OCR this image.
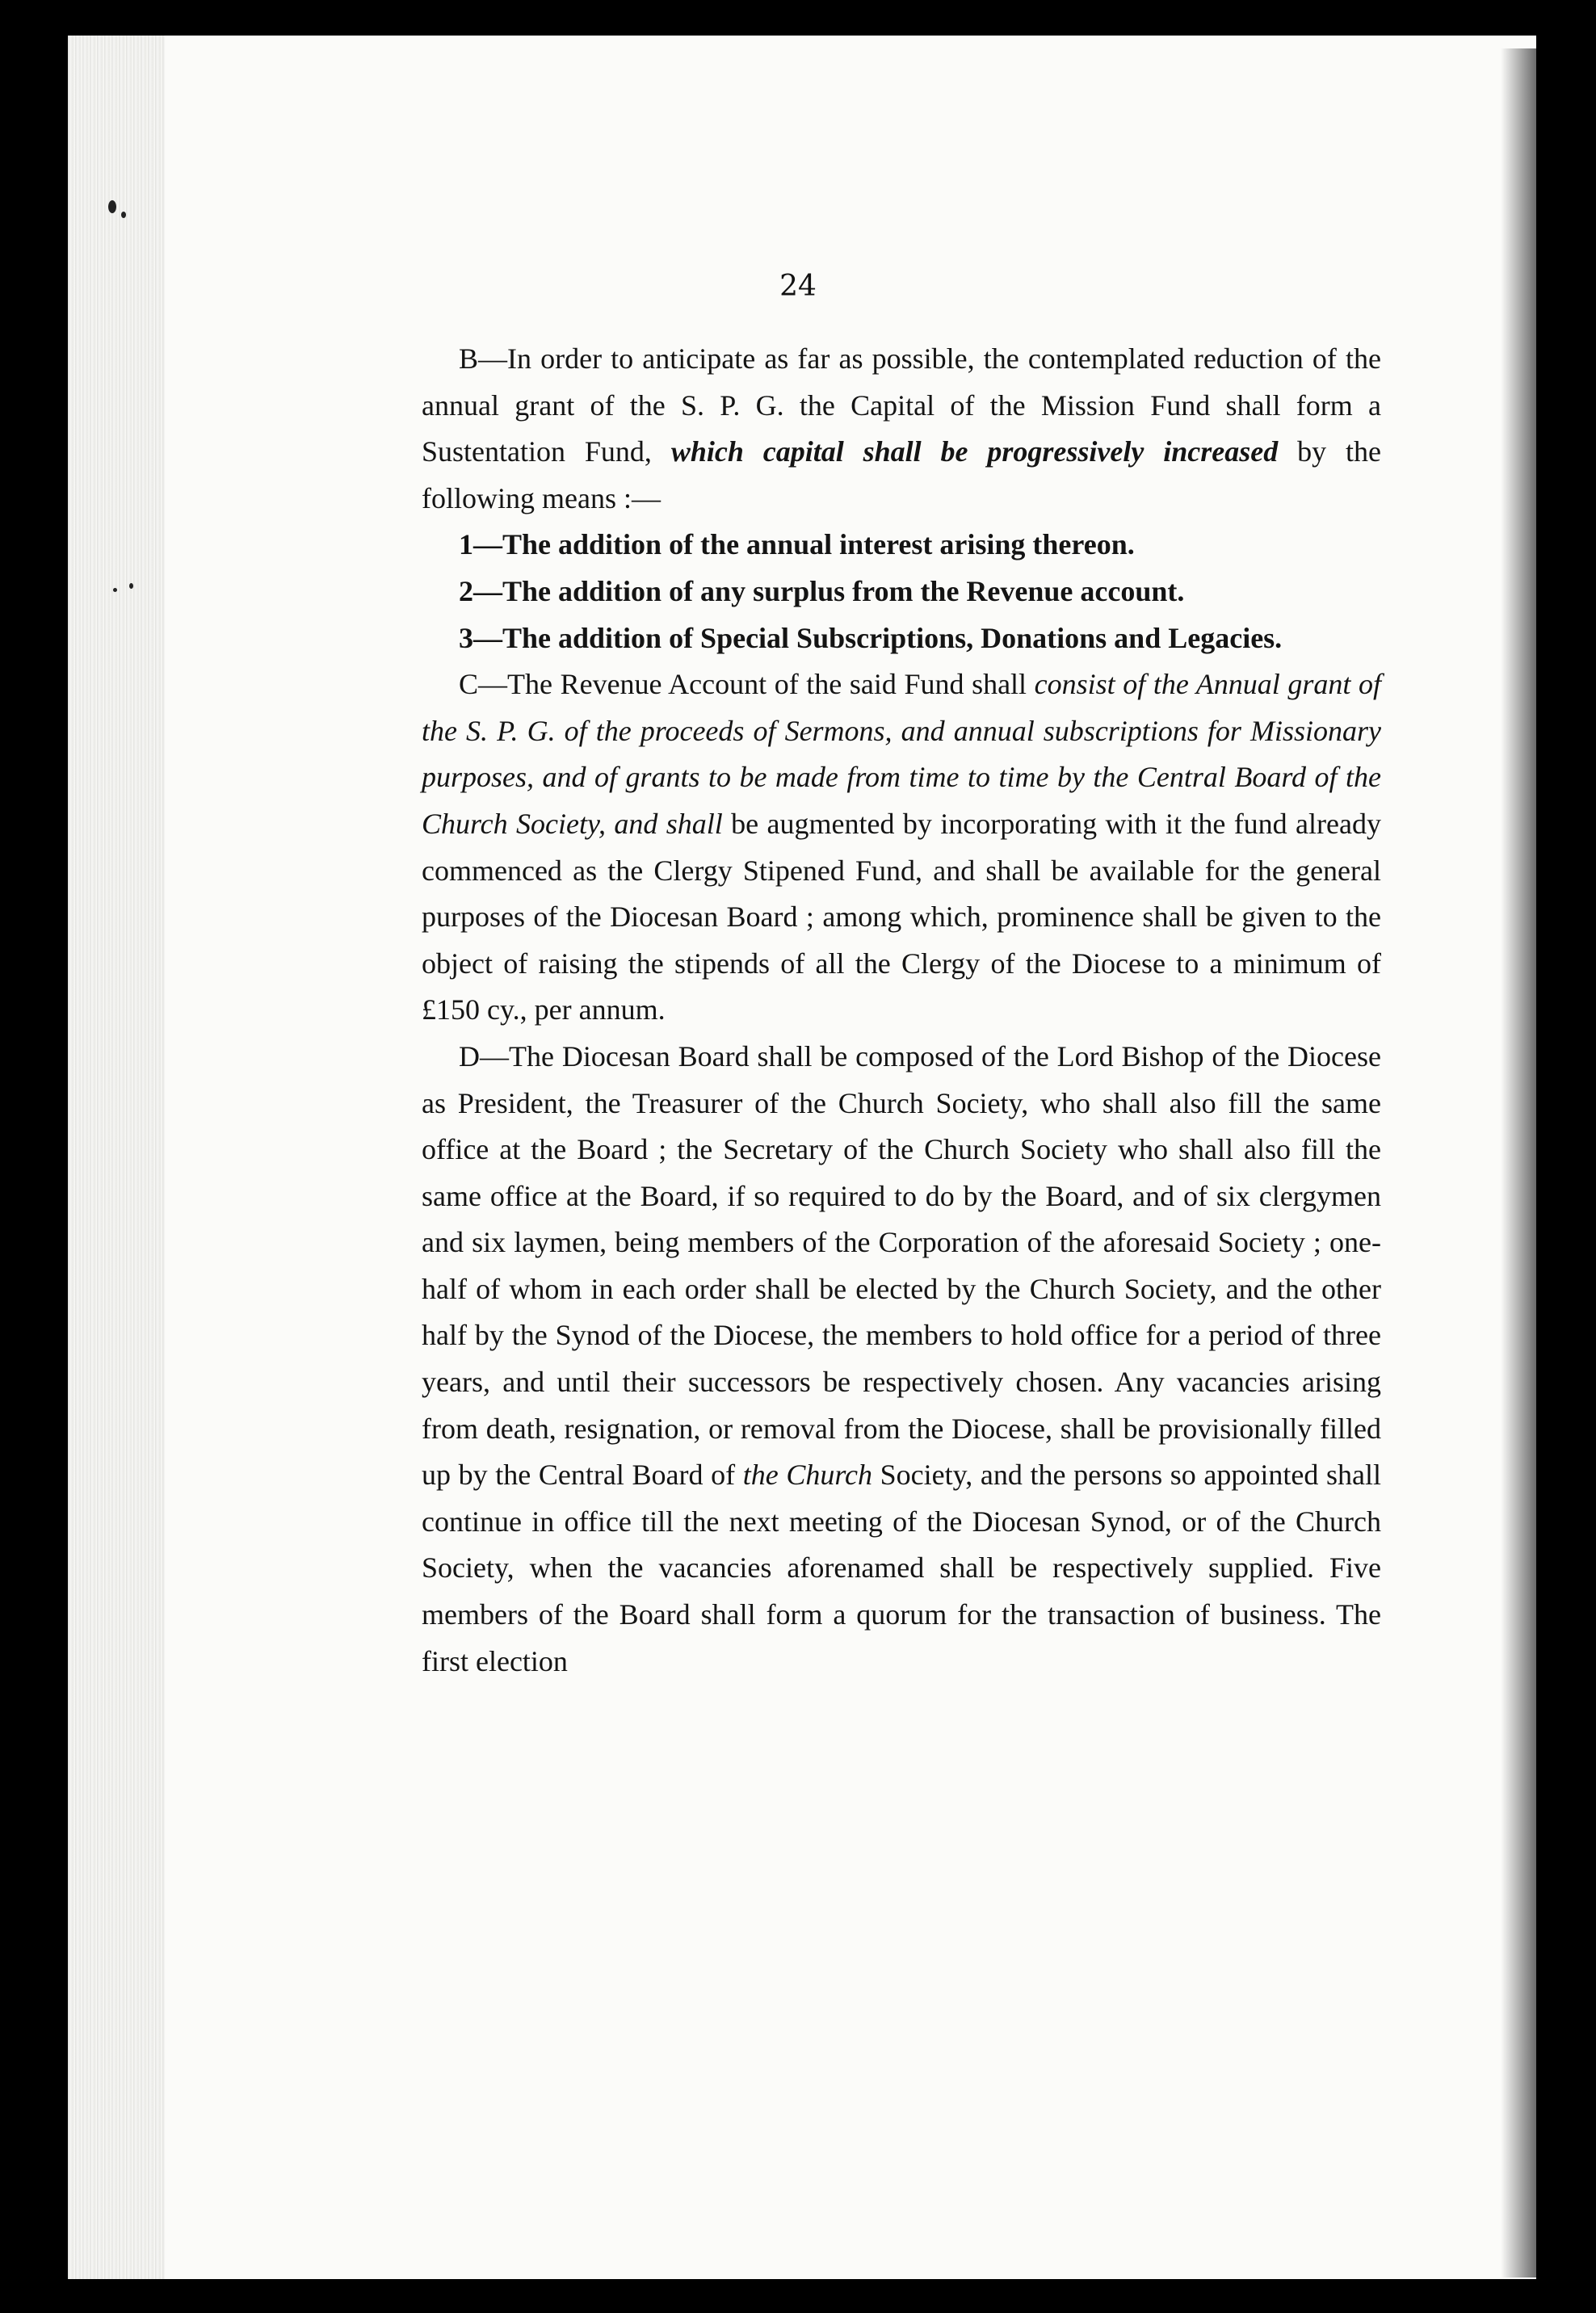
24

B—In order to anticipate as far as possible, the contemplated reduction of the annual grant of the S. P. G. the Capital of the Mission Fund shall form a Sustentation Fund, which capital shall be progressively increased by the following means :—

1—The addition of the annual interest arising thereon.

2—The addition of any surplus from the Revenue account.

3—The addition of Special Subscriptions, Donations and Legacies.

C—The Revenue Account of the said Fund shall consist of the Annual grant of the S. P. G. of the proceeds of Sermons, and annual subscriptions for Missionary purposes, and of grants to be made from time to time by the Central Board of the Church Society, and shall be augmented by incorporating with it the fund already commenced as the Clergy Stipened Fund, and shall be available for the general purposes of the Diocesan Board ; among which, prominence shall be given to the object of raising the stipends of all the Clergy of the Diocese to a minimum of £150 cy., per annum.

D—The Diocesan Board shall be composed of the Lord Bishop of the Diocese as President, the Treasurer of the Church Society, who shall also fill the same office at the Board ; the Secretary of the Church Society who shall also fill the same office at the Board, if so required to do by the Board, and of six clergymen and six laymen, being members of the Corporation of the aforesaid Society ; one-half of whom in each order shall be elected by the Church Society, and the other half by the Synod of the Diocese, the members to hold office for a period of three years, and until their successors be respectively chosen. Any vacancies arising from death, resignation, or removal from the Diocese, shall be provisionally filled up by the Central Board of the Church Society, and the persons so appointed shall continue in office till the next meeting of the Diocesan Synod, or of the Church Society, when the vacancies aforenamed shall be respectively supplied. Five members of the Board shall form a quorum for the transaction of business. The first election
